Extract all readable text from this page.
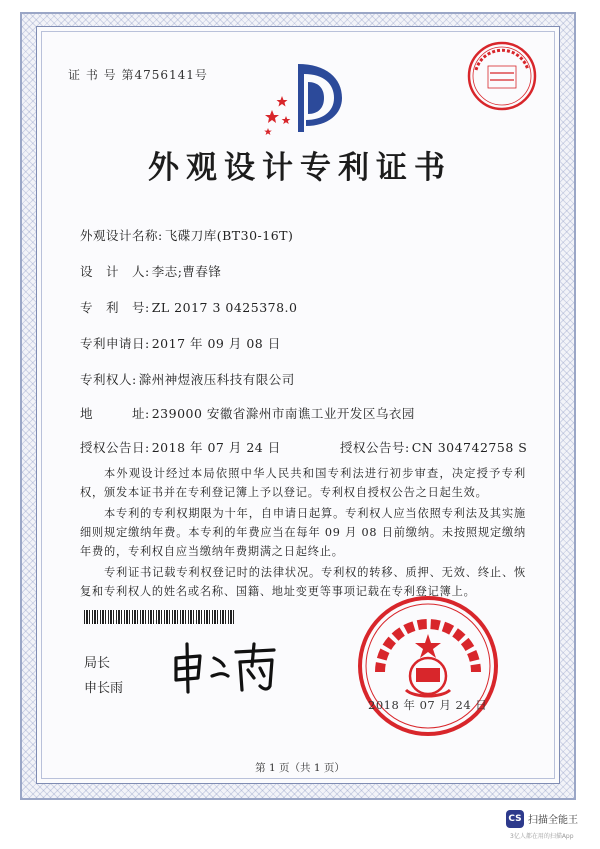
证 书 号 第4756141号
外观设计专利证书
外观设计名称: 飞碟刀库(BT30-16T)
设　计　人: 李志;曹春锋
专　利　号: ZL 2017 3 0425378.0
专利申请日: 2017 年 09 月 08 日
专利权人: 滁州神煜液压科技有限公司
地　　　址: 239000 安徽省滁州市南谯工业开发区乌衣园
授权公告日: 2018 年 07 月 24 日	授权公告号: CN 304742758 S
本外观设计经过本局依照中华人民共和国专利法进行初步审查，决定授予专利权，颁发本证书并在专利登记簿上予以登记。专利权自授权公告之日起生效。
本专利的专利权期限为十年，自申请日起算。专利权人应当依照专利法及其实施细则规定缴纳年费。本专利的年费应当在每年 09 月 08 日前缴纳。未按照规定缴纳年费的，专利权自应当缴纳年费期满之日起终止。
专利证书记载专利权登记时的法律状况。专利权的转移、质押、无效、终止、恢复和专利权人的姓名或名称、国籍、地址变更等事项记载在专利登记簿上。
局长
申长雨
2018 年 07 月 24 日
第 1 页（共 1 页）
CS 扫描全能王
3亿人都在用的扫描App
